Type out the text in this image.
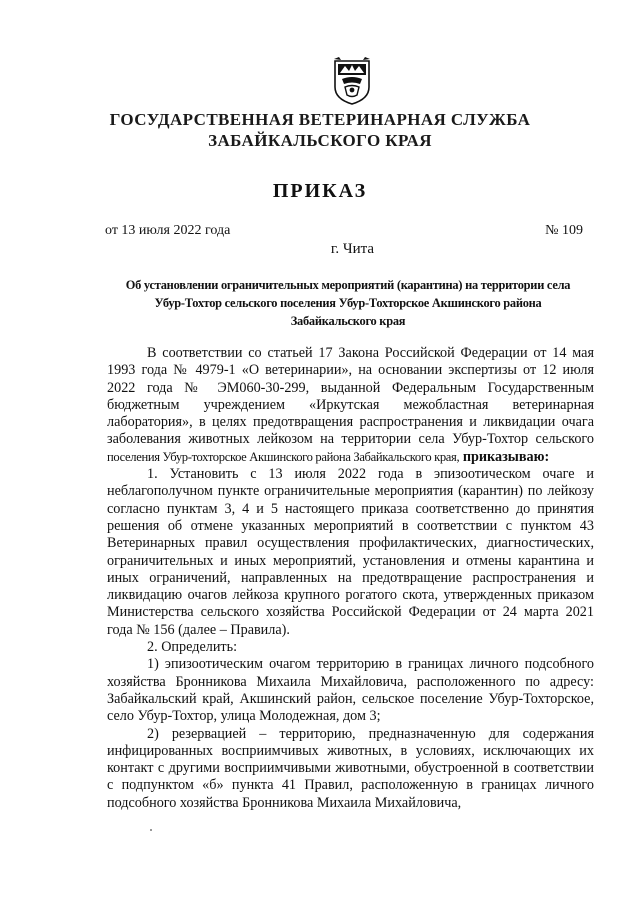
ГОСУДАРСТВЕННАЯ ВЕТЕРИНАРНАЯ СЛУЖБА
ЗАБАЙКАЛЬСКОГО КРАЯ
ПРИКАЗ
от 13 июля 2022 года	№ 109
г. Чита
Об установлении ограничительных мероприятий (карантина) на территории села
Убур-Тохтор сельского поселения Убур-Тохторское Акшинского района
Забайкальского края

В соответствии со статьей 17 Закона Российской Федерации от 14 мая 1993 года № 4979-1 «О ветеринарии», на основании экспертизы от 12 июля 2022 года № ЭМ060-30-299, выданной Федеральным Государственным бюджетным учреждением «Иркутская межобластная ветеринарная лаборатория», в целях предотвращения распространения и ликвидации очага заболевания животных лейкозом на территории села Убур-Тохтор сельского поселения Убур-тохторское Акшинского района Забайкальского края, приказываю:

1. Установить с 13 июля 2022 года в эпизоотическом очаге и неблагополучном пункте ограничительные мероприятия (карантин) по лейкозу согласно пунктам 3, 4 и 5 настоящего приказа соответственно до принятия решения об отмене указанных мероприятий в соответствии с пунктом 43 Ветеринарных правил осуществления профилактических, диагностических, ограничительных и иных мероприятий, установления и отмены карантина и иных ограничений, направленных на предотвращение распространения и ликвидацию очагов лейкоза крупного рогатого скота, утвержденных приказом Министерства сельского хозяйства Российской Федерации от 24 марта 2021 года № 156 (далее – Правила).

2. Определить:

1) эпизоотическим очагом территорию в границах личного подсобного хозяйства Бронникова Михаила Михайловича, расположенного по адресу: Забайкальский край, Акшинский район, сельское поселение Убур-Тохторское, село Убур-Тохтор, улица Молодежная, дом 3;

2) резервацией – территорию, предназначенную для содержания инфицированных восприимчивых животных, в условиях, исключающих их контакт с другими восприимчивыми животными, обустроенной в соответствии с подпунктом «б» пункта 41 Правил, расположенную в границах личного подсобного хозяйства Бронникова Михаила Михайловича,
